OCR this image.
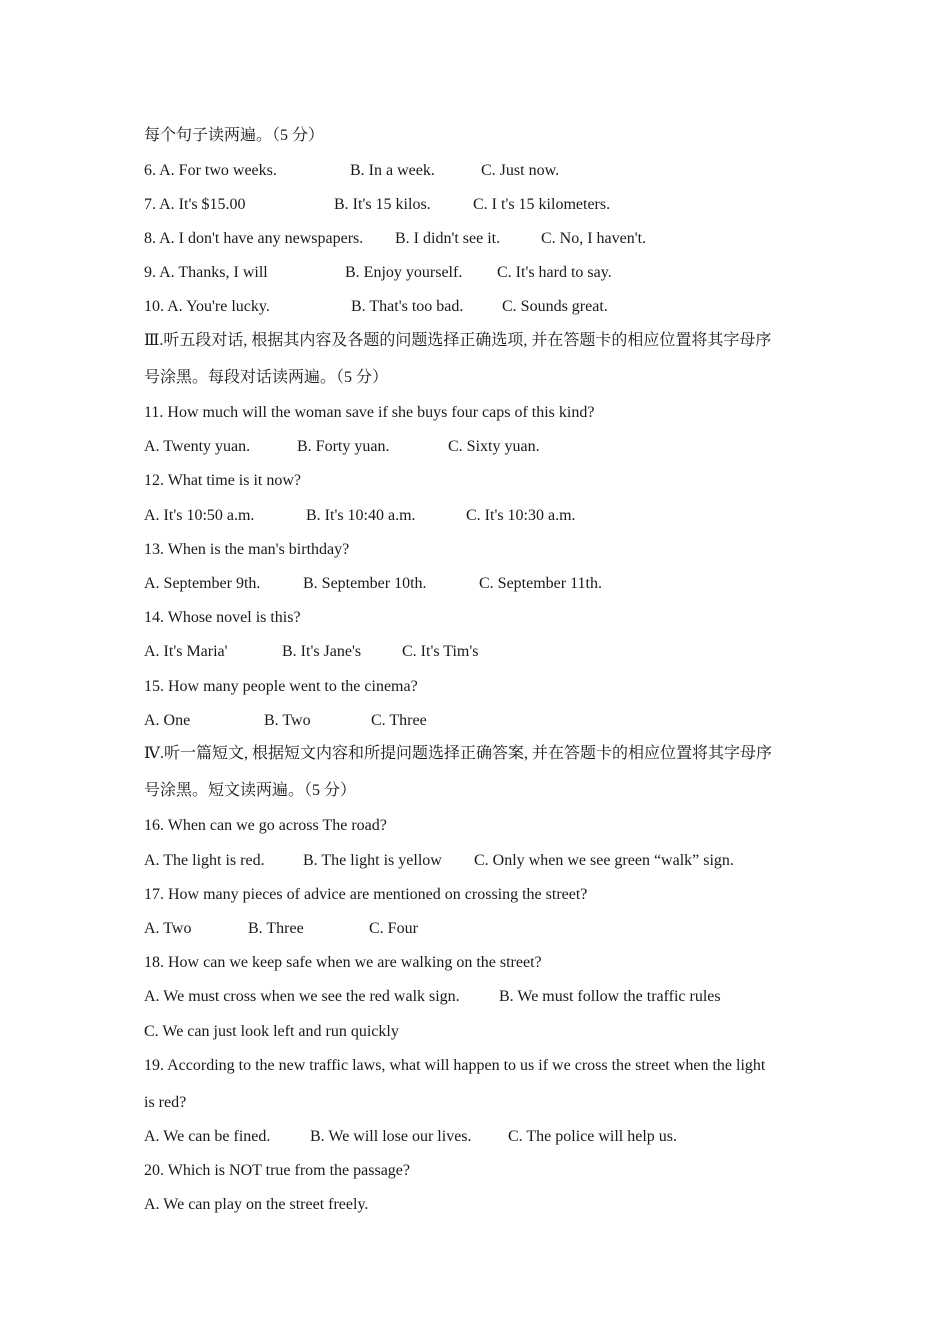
每个句子读两遍。（5 分）
6. A. For two weeks.	B. In a week.	C. Just now.
7. A. It's $15.00	B. It's 15 kilos.	C. I t's 15 kilometers.
8. A. I don't have any newspapers. B. I didn't see it.	C. No, I haven't.
9. A. Thanks, I will	B. Enjoy yourself. C. It's hard to say.
10. A. You're lucky.	B. That's too bad. C. Sounds great.
Ⅲ.听五段对话, 根据其内容及各题的问题选择正确选项, 并在答题卡的相应位置将其字母序
号涂黑。每段对话读两遍。（5 分）
11. How much will the woman save if she buys four caps of this kind?
A. Twenty yuan.	B. Forty yuan.	C. Sixty yuan.
12. What time is it now?
A. It's 10:50 a.m.	B. It's 10:40 a.m.	C. It's 10:30 a.m.
13. When is the man's birthday?
A. September 9th.	B. September 10th.	C. September 11th.
14. Whose novel is this?
A. It's Maria'	B. It's Jane's	C. It's Tim's
15. How many people went to the cinema?
A. One	B. Two	C. Three
Ⅳ.听一篇短文, 根据短文内容和所提问题选择正确答案, 并在答题卡的相应位置将其字母序
号涂黑。短文读两遍。（5 分）
16. When can we go across The road?
A. The light is red. B. The light is yellow C. Only when we see green “walk” sign.
17. How many pieces of advice are mentioned on crossing the street?
A. Two	B. Three	C. Four
18. How can we keep safe when we are walking on the street?
A. We must cross when we see the red walk sign. B. We must follow the traffic rules
C. We can just look left and run quickly
19. According to the new traffic laws, what will happen to us if we cross the street when the light
is red?
A. We can be fined. B. We will lose our lives. C. The police will help us.
20. Which is NOT true from the passage?
A. We can play on the street freely.
